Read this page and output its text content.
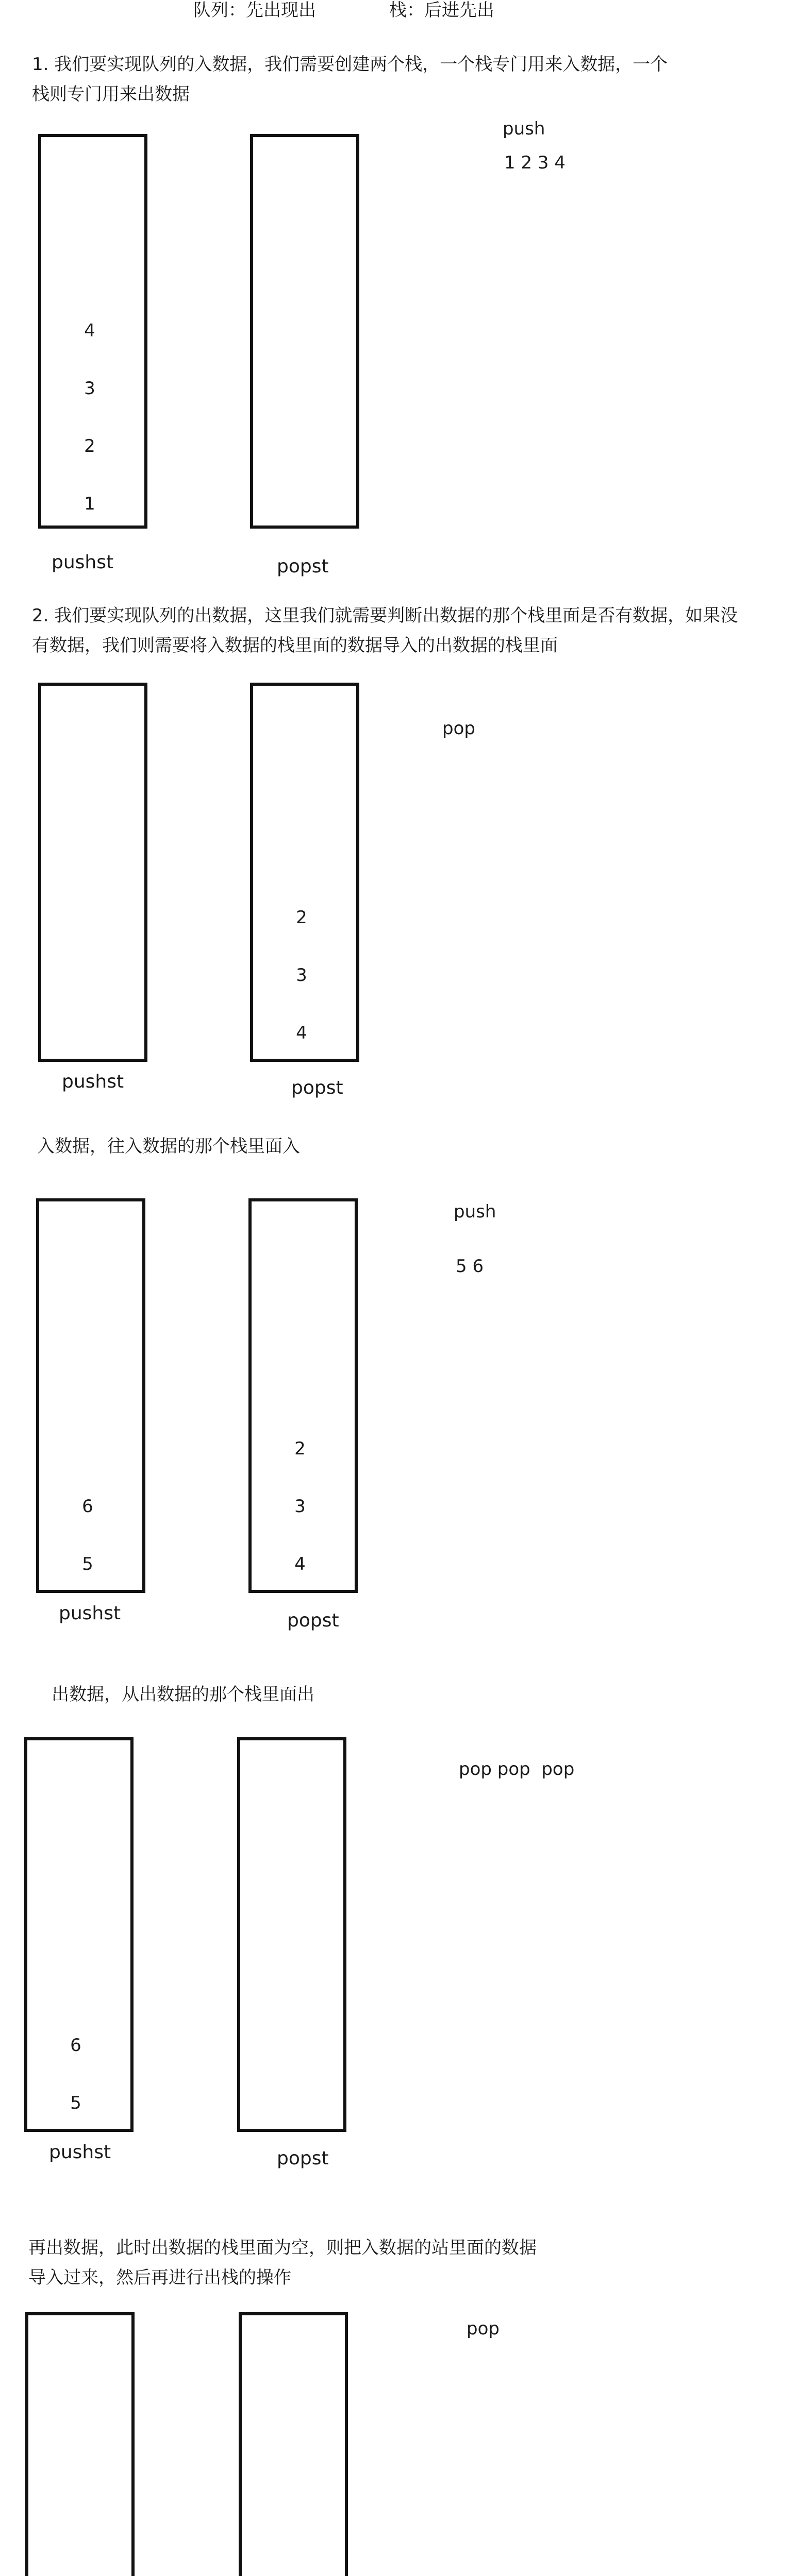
队列：先出现出	栈：后进先出
1. 我们要实现队列的入数据，我们需要创建两个栈，一个栈专门用来入数据，一个
栈则专门用来出数据
push
1 2 3 4
4
3
2
1
pushst	popst
2. 我们要实现队列的出数据，这里我们就需要判断出数据的那个栈里面是否有数据，如果没
有数据，我们则需要将入数据的栈里面的数据导入的出数据的栈里面
pop
2
3
4
pushst	popst
入数据，往入数据的那个栈里面入
push
5 6
6
5
2
3
4
pushst	popst
出数据，从出数据的那个栈里面出
pop pop  pop
6
5
pushst	popst
再出数据，此时出数据的栈里面为空，则把入数据的站里面的数据
导入过来，然后再进行出栈的操作
pop
